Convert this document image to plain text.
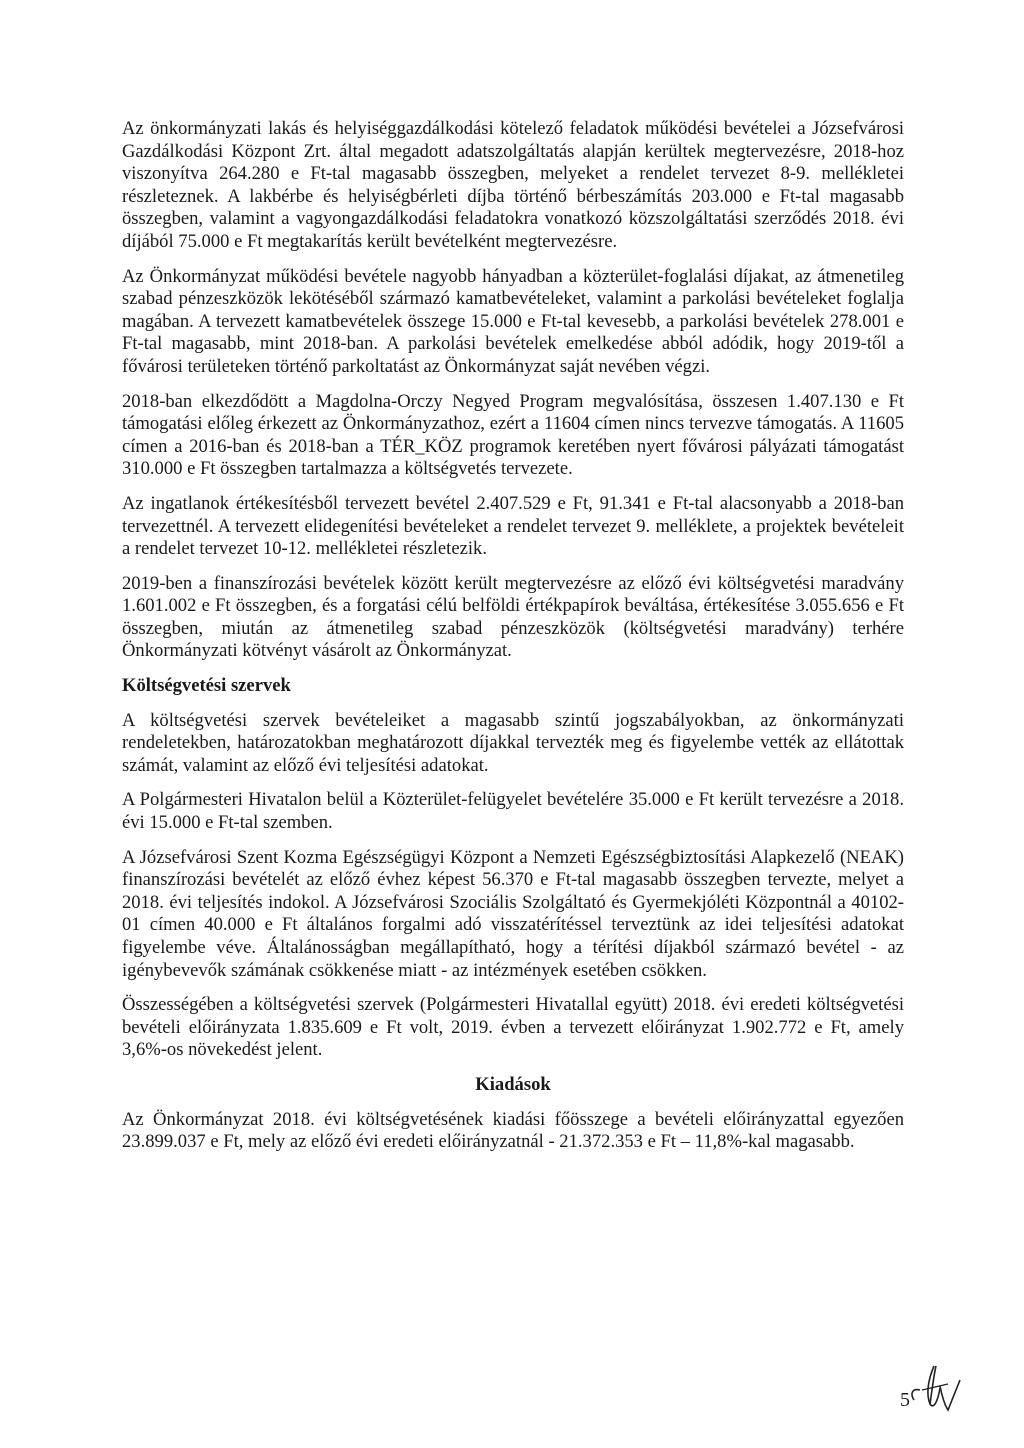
Az önkormányzati lakás és helyiséggazdálkodási kötelező feladatok működési bevételei a Józsefvárosi Gazdálkodási Központ Zrt. által megadott adatszolgáltatás alapján kerültek megtervezésre, 2018-hoz viszonyítva 264.280 e Ft-tal magasabb összegben, melyeket a rendelet tervezet 8-9. mellékletei részleteznek. A lakbérbe és helyiségbérleti díjba történő bérbeszámítás 203.000 e Ft-tal magasabb összegben, valamint a vagyongazdálkodási feladatokra vonatkozó közszolgáltatási szerződés 2018. évi díjából 75.000 e Ft megtakarítás került bevételként megtervezésre.

Az Önkormányzat működési bevétele nagyobb hányadban a közterület-foglalási díjakat, az átmenetileg szabad pénzeszközök lekötéséből származó kamatbevételeket, valamint a parkolási bevételeket foglalja magában. A tervezett kamatbevételek összege 15.000 e Ft-tal kevesebb, a parkolási bevételek 278.001 e Ft-tal magasabb, mint 2018-ban. A parkolási bevételek emelkedése abból adódik, hogy 2019-től a fővárosi területeken történő parkoltatást az Önkormányzat saját nevében végzi.

2018-ban elkezdődött a Magdolna-Orczy Negyed Program megvalósítása, összesen 1.407.130 e Ft támogatási előleg érkezett az Önkormányzathoz, ezért a 11604 címen nincs tervezve támogatás. A 11605 címen a 2016-ban és 2018-ban a TÉR_KÖZ programok keretében nyert fővárosi pályázati támogatást 310.000 e Ft összegben tartalmazza a költségvetés tervezete.

Az ingatlanok értékesítésből tervezett bevétel 2.407.529 e Ft, 91.341 e Ft-tal alacsonyabb a 2018-ban tervezettnél. A tervezett elidegenítési bevételeket a rendelet tervezet 9. melléklete, a projektek bevételeit a rendelet tervezet 10-12. mellékletei részletezik.

2019-ben a finanszírozási bevételek között került megtervezésre az előző évi költségvetési maradvány 1.601.002 e Ft összegben, és a forgatási célú belföldi értékpapírok beváltása, értékesítése 3.055.656 e Ft összegben, miután az átmenetileg szabad pénzeszközök (költségvetési maradvány) terhére Önkormányzati kötvényt vásárolt az Önkormányzat.

Költségvetési szervek

A költségvetési szervek bevételeiket a magasabb szintű jogszabályokban, az önkormányzati rendeletekben, határozatokban meghatározott díjakkal tervezték meg és figyelembe vették az ellátottak számát, valamint az előző évi teljesítési adatokat.

A Polgármesteri Hivatalon belül a Közterület-felügyelet bevételére 35.000 e Ft került tervezésre a 2018. évi 15.000 e Ft-tal szemben.

A Józsefvárosi Szent Kozma Egészségügyi Központ a Nemzeti Egészségbiztosítási Alapkezelő (NEAK) finanszírozási bevételét az előző évhez képest 56.370 e Ft-tal magasabb összegben tervezte, melyet a 2018. évi teljesítés indokol. A Józsefvárosi Szociális Szolgáltató és Gyermekjóléti Központnál a 40102-01 címen 40.000 e Ft általános forgalmi adó visszatérítéssel terveztünk az idei teljesítési adatokat figyelembe véve. Általánosságban megállapítható, hogy a térítési díjakból származó bevétel - az igénybevevők számának csökkenése miatt - az intézmények esetében csökken.

Összességében a költségvetési szervek (Polgármesteri Hivatallal együtt) 2018. évi eredeti költségvetési bevételi előirányzata 1.835.609 e Ft volt, 2019. évben a tervezett előirányzat 1.902.772 e Ft, amely 3,6%-os növekedést jelent.

Kiadások

Az Önkormányzat 2018. évi költségvetésének kiadási főösszege a bevételi előirányzattal egyezően 23.899.037 e Ft, mely az előző évi eredeti előirányzatnál - 21.372.353 e Ft – 11,8%-kal magasabb.

5
